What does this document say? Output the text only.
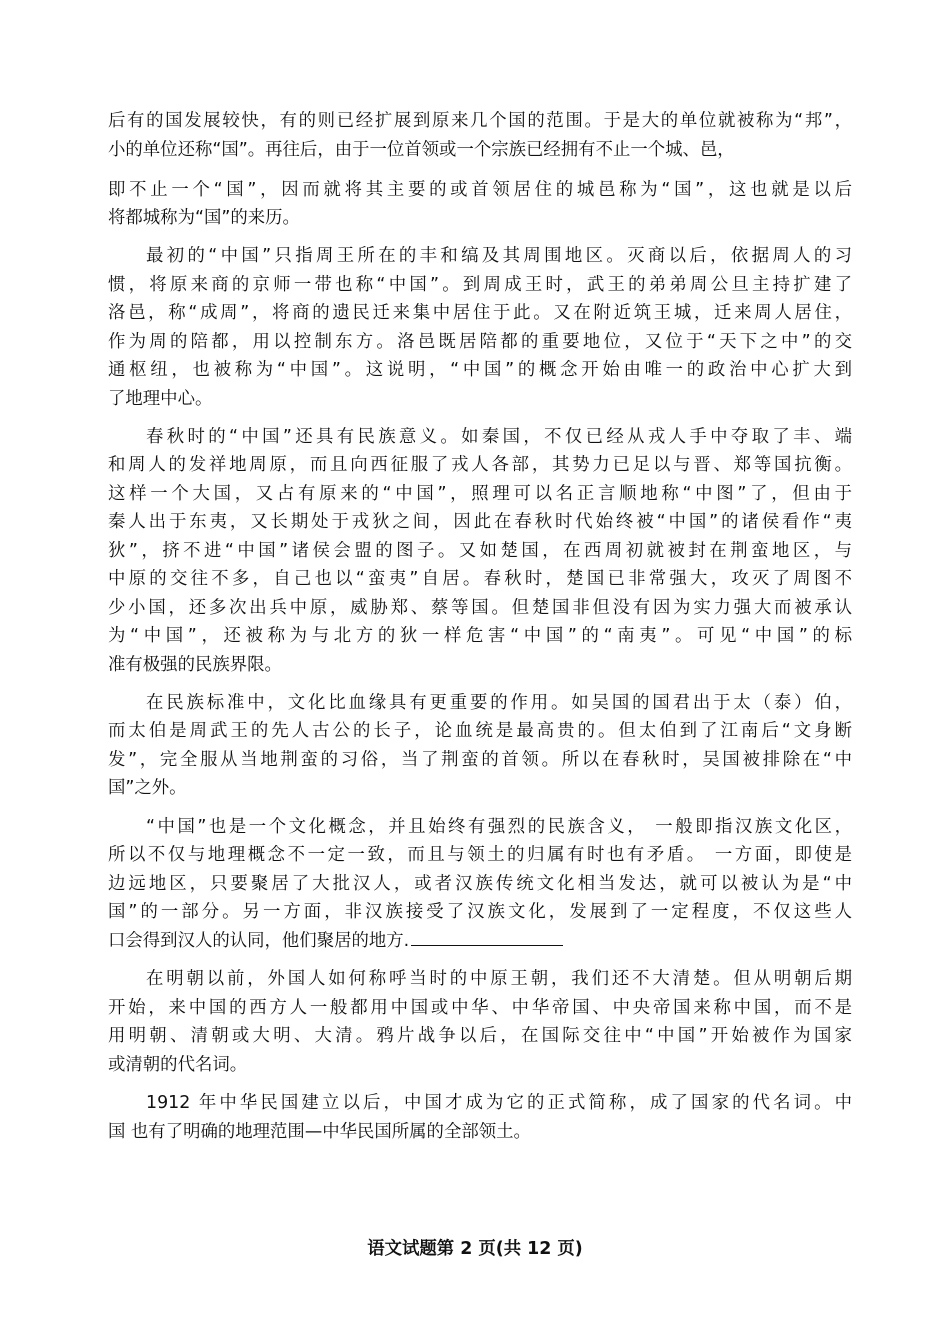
后有的国发展较快，有的则已经扩展到原来几个国的范围。于是大的单位就被称为“邦”，
小的单位还称“国”。再往后，由于一位首领或一个宗族已经拥有不止一个城、邑，
即不止一个“国”，因而就将其主要的或首领居住的城邑称为“国”，这也就是以后
将都城称为“国”的来历。
最初的“中国”只指周王所在的丰和缟及其周围地区。灭商以后，依据周人的习
惯，将原来商的京师一带也称“中国”。到周成王时，武王的弟弟周公旦主持扩建了
洛邑，称“成周”，将商的遗民迁来集中居住于此。又在附近筑王城，迁来周人居住，
作为周的陪都，用以控制东方。洛邑既居陪都的重要地位，又位于“天下之中”的交
通枢纽，也被称为“中国”。这说明，“中国”的概念开始由唯一的政治中心扩大到
了地理中心。
春秋时的“中国”还具有民族意义。如秦国，不仅已经从戎人手中夺取了丰、端
和周人的发祥地周原，而且向西征服了戎人各部，其势力已足以与晋、郑等国抗衡。
这样一个大国，又占有原来的“中国”，照理可以名正言顺地称“中图”了，但由于
秦人出于东夷，又长期处于戎狄之间，因此在春秋时代始终被“中国”的诸侯看作“夷
狄”，挤不进“中国”诸侯会盟的图子。又如楚国，在西周初就被封在荆蛮地区，与
中原的交往不多，自己也以“蛮夷”自居。春秋时，楚国已非常强大，攻灭了周图不
少小国，还多次出兵中原，威胁郑、蔡等国。但楚国非但没有因为实力强大而被承认
为“中国”，还被称为与北方的狄一样危害“中国”的“南夷”。可见“中国”的标
准有极强的民族界限。
在民族标准中，文化比血缘具有更重要的作用。如吴国的国君出于太（泰）伯，
而太伯是周武王的先人古公的长子，论血统是最高贵的。但太伯到了江南后“文身断
发”，完全服从当地荆蛮的习俗，当了荆蛮的首领。所以在春秋时，吴国被排除在“中
国”之外。
“中国”也是一个文化概念，并且始终有强烈的民族含义， 一般即指汉族文化区，
所以不仅与地理概念不一定一致，而且与领土的归属有时也有矛盾。 一方面，即使是
边远地区，只要聚居了大批汉人，或者汉族传统文化相当发达，就可以被认为是“中
国”的一部分。另一方面，非汉族接受了汉族文化，发展到了一定程度，不仅这些人
口会得到汉人的认同，他们聚居的地方.
在明朝以前，外国人如何称呼当时的中原王朝，我们还不大清楚。但从明朝后期
开始，来中国的西方人一般都用中国或中华、中华帝国、中央帝国来称中国，而不是
用明朝、清朝或大明、大清。鸦片战争以后，在国际交往中“中国”开始被作为国家
或清朝的代名词。
1912 年中华民国建立以后，中国才成为它的正式简称，成了国家的代名词。中
国 也有了明确的地理范围—中华民国所属的全部领土。
语文试题第 2 页(共 12 页)
